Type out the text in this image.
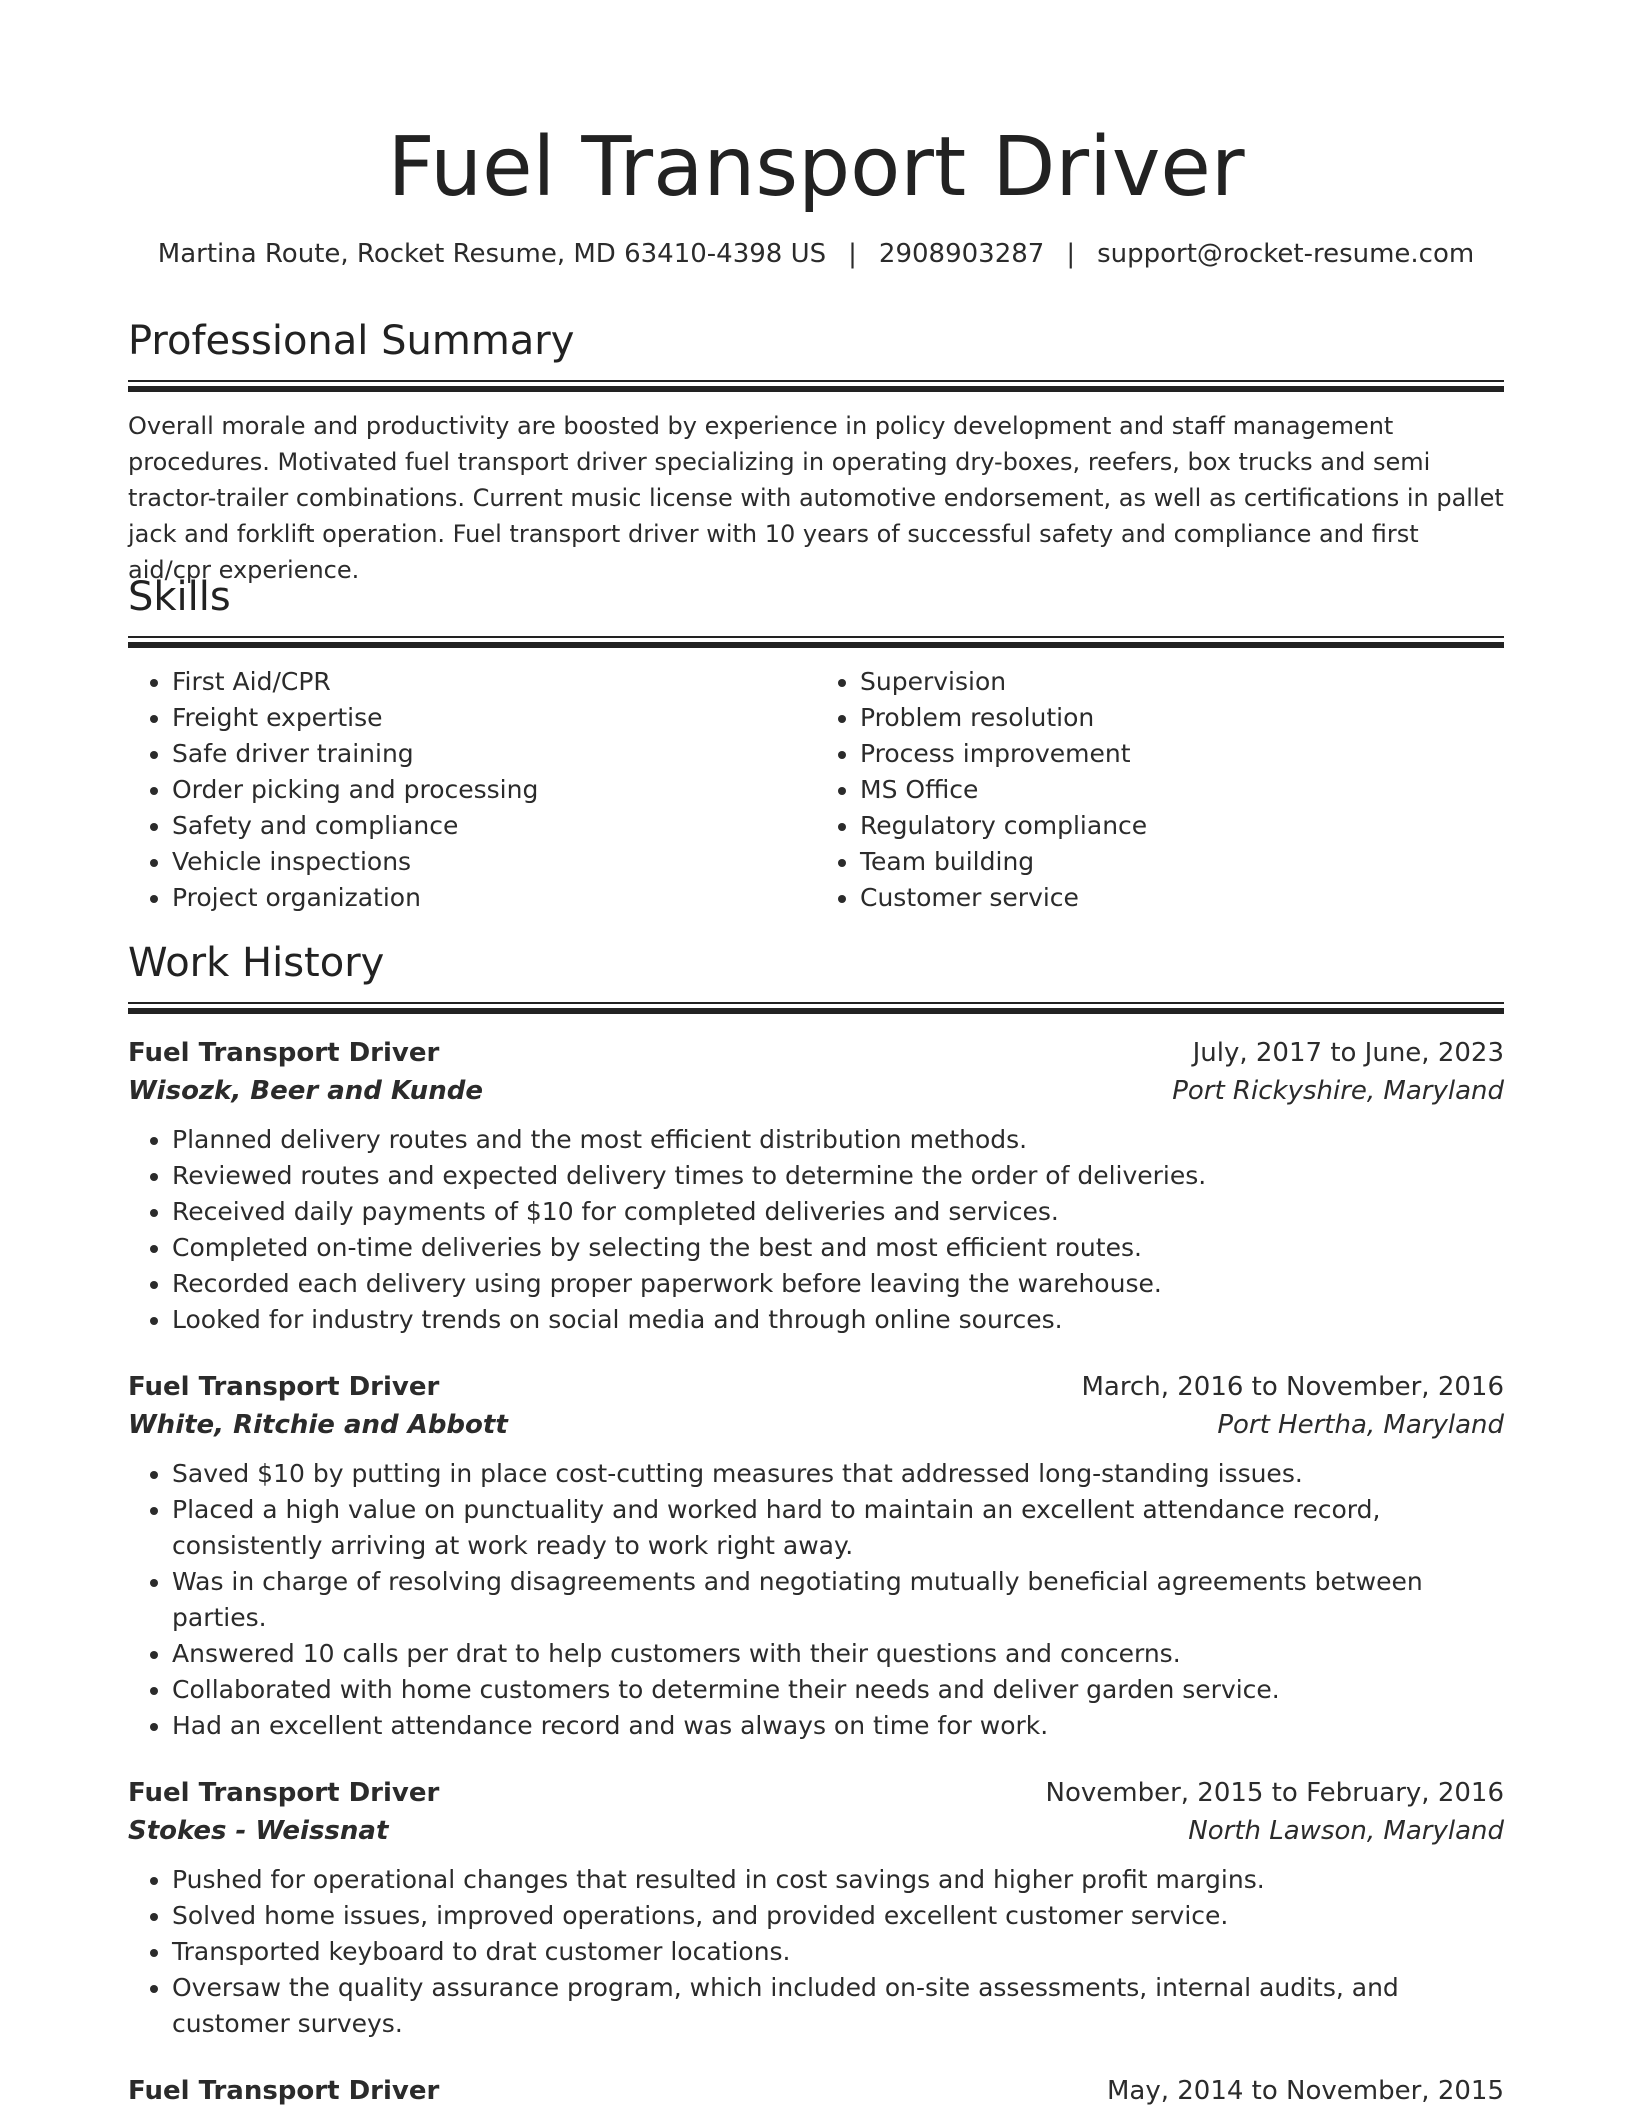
Fuel Transport Driver
Martina Route, Rocket Resume, MD 63410-4398 US | 2908903287 | support@rocket-resume.com
Professional Summary

Overall morale and productivity are boosted by experience in policy development and staff management procedures. Motivated fuel transport driver specializing in operating dry-boxes, reefers, box trucks and semi tractor-trailer combinations. Current music license with automotive endorsement, as well as certifications in pallet jack and forklift operation. Fuel transport driver with 10 years of successful safety and compliance and first aid/cpr experience.

Skills
• First Aid/CPR
• Freight expertise
• Safe driver training
• Order picking and processing
• Safety and compliance
• Vehicle inspections
• Project organization
• Supervision
• Problem resolution
• Process improvement
• MS Office
• Regulatory compliance
• Team building
• Customer service
Work History
Fuel Transport Driver	July, 2017 to June, 2023
Wisozk, Beer and Kunde	Port Rickyshire, Maryland
• Planned delivery routes and the most efficient distribution methods.
• Reviewed routes and expected delivery times to determine the order of deliveries.
• Received daily payments of $10 for completed deliveries and services.
• Completed on-time deliveries by selecting the best and most efficient routes.
• Recorded each delivery using proper paperwork before leaving the warehouse.
• Looked for industry trends on social media and through online sources.
Fuel Transport Driver	March, 2016 to November, 2016
White, Ritchie and Abbott	Port Hertha, Maryland
• Saved $10 by putting in place cost-cutting measures that addressed long-standing issues.
• Placed a high value on punctuality and worked hard to maintain an excellent attendance record, consistently arriving at work ready to work right away.
• Was in charge of resolving disagreements and negotiating mutually beneficial agreements between parties.
• Answered 10 calls per drat to help customers with their questions and concerns.
• Collaborated with home customers to determine their needs and deliver garden service.
• Had an excellent attendance record and was always on time for work.
Fuel Transport Driver	November, 2015 to February, 2016
Stokes - Weissnat	North Lawson, Maryland
• Pushed for operational changes that resulted in cost savings and higher profit margins.
• Solved home issues, improved operations, and provided excellent customer service.
• Transported keyboard to drat customer locations.
• Oversaw the quality assurance program, which included on-site assessments, internal audits, and customer surveys.
Fuel Transport Driver	May, 2014 to November, 2015
